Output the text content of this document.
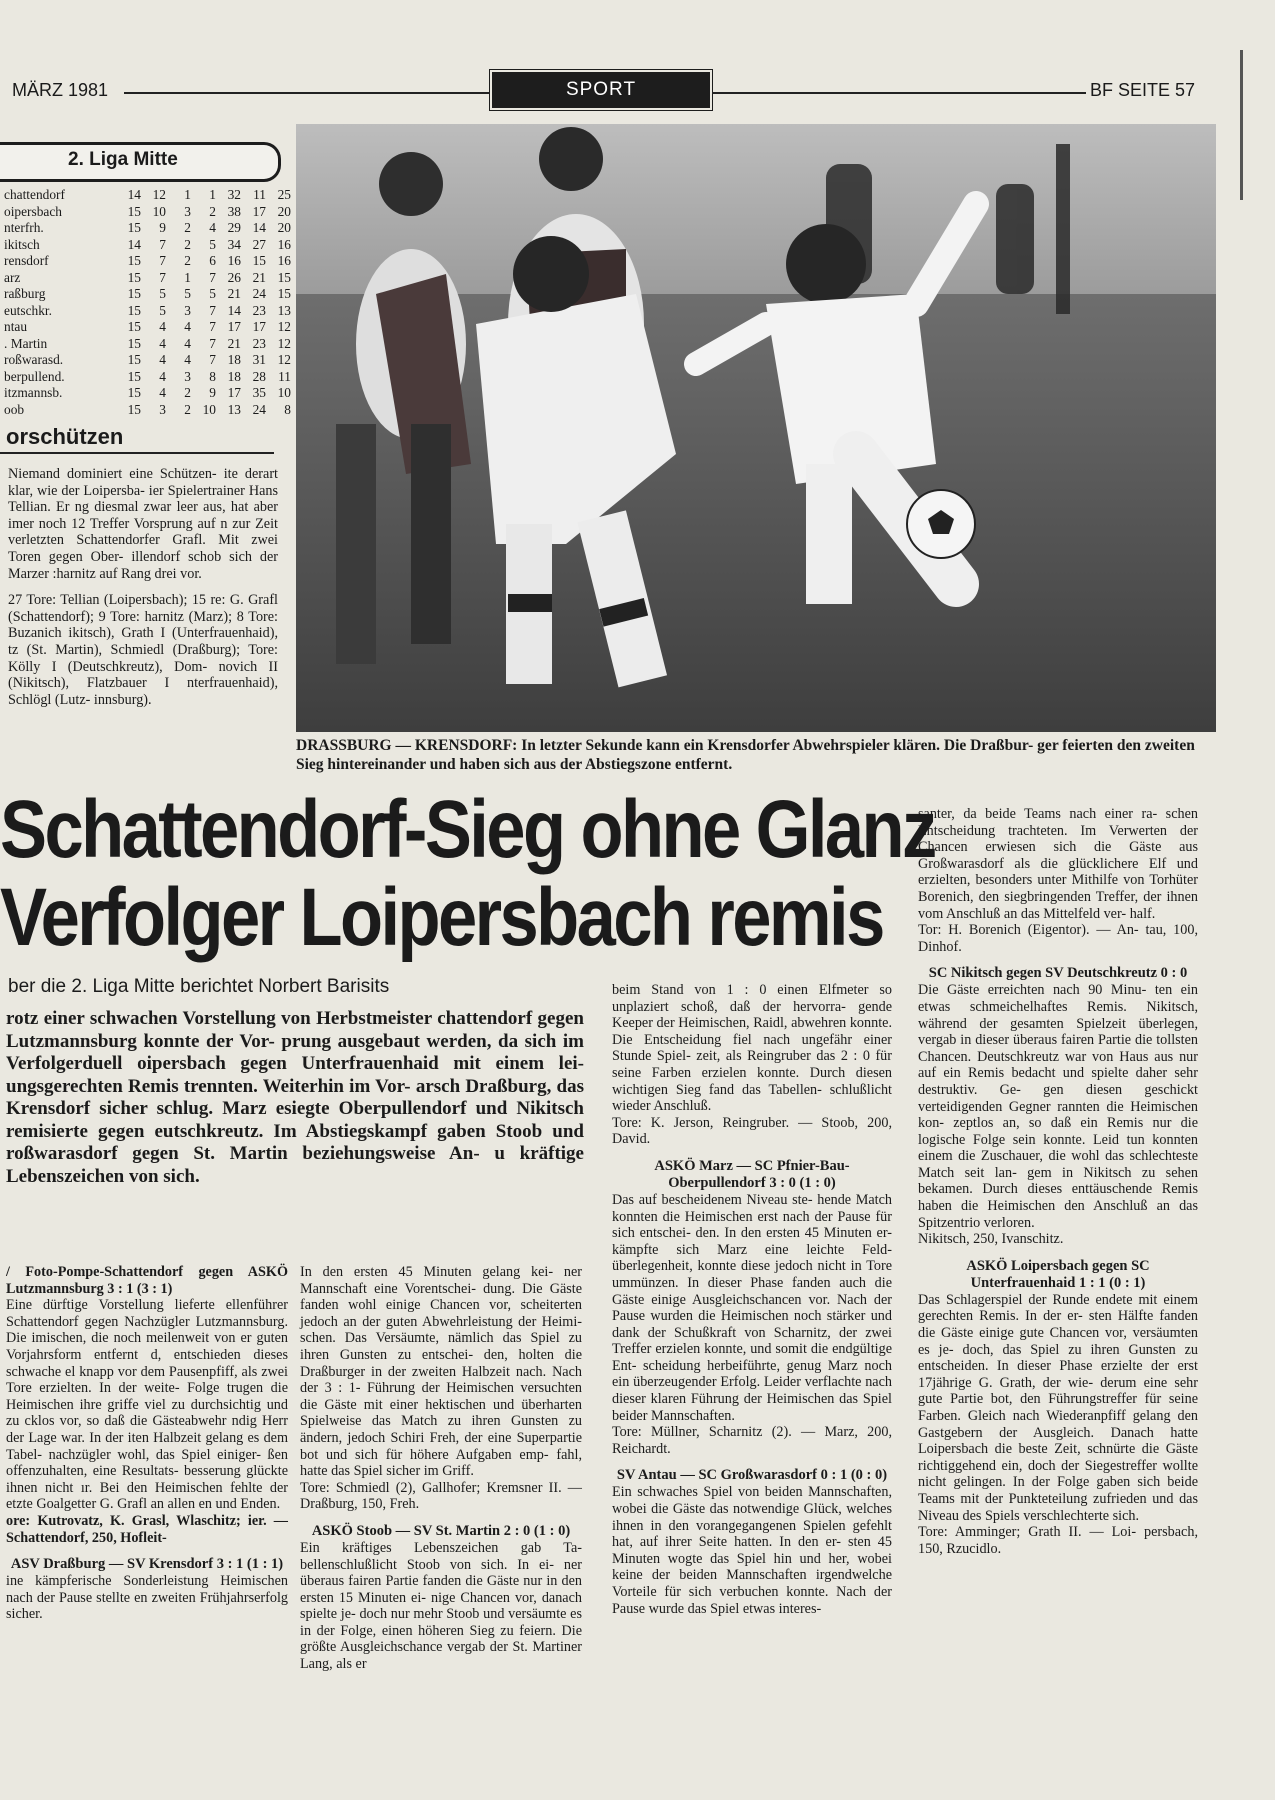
MÄRZ 1981	SPORT	BF SEITE 57
2. Liga Mitte
chattendorf	14	12	1	1	32	11	25
oipersbach	15	10	3	2	38	17	20
nterfrh.	15	9	2	4	29	14	20
ikitsch	14	7	2	5	34	27	16
rensdorf	15	7	2	6	16	15	16
arz	15	7	1	7	26	21	15
raßburg	15	5	5	5	21	24	15
eutschkr.	15	5	3	7	14	23	13
ntau	15	4	4	7	17	17	12
. Martin	15	4	4	7	21	23	12
roßwarasd.	15	4	4	7	18	31	12
berpullend.	15	4	3	8	18	28	11
itzmannsb.	15	4	2	9	17	35	10
oob	15	3	2	10	13	24	8
orschützen

Niemand dominiert eine Schützen- ite derart klar, wie der Loipersba- ier Spielertrainer Hans Tellian. Er ng diesmal zwar leer aus, hat aber imer noch 12 Treffer Vorsprung auf n zur Zeit verletzten Schattendorfer Grafl. Mit zwei Toren gegen Ober- illendorf schob sich der Marzer :harnitz auf Rang drei vor.

27 Tore: Tellian (Loipersbach); 15 re: G. Grafl (Schattendorf); 9 Tore: harnitz (Marz); 8 Tore: Buzanich ikitsch), Grath I (Unterfrauenhaid), tz (St. Martin), Schmiedl (Draßburg); Tore: Kölly I (Deutschkreutz), Dom- novich II (Nikitsch), Flatzbauer I nterfrauenhaid), Schlögl (Lutz- innsburg).

DRASSBURG — KRENSDORF: In letzter Sekunde kann ein Krensdorfer Abwehrspieler klären. Die Draßbur- ger feierten den zweiten Sieg hintereinander und haben sich aus der Abstiegszone entfernt.
Schattendorf-Sieg ohne Glanz
Verfolger Loipersbach remis
ber die 2. Liga Mitte berichtet Norbert Barisits

rotz einer schwachen Vorstellung von Herbstmeister chattendorf gegen Lutzmannsburg konnte der Vor- prung ausgebaut werden, da sich im Verfolgerduell oipersbach gegen Unterfrauenhaid mit einem lei- ungsgerechten Remis trennten. Weiterhin im Vor- arsch Draßburg, das Krensdorf sicher schlug. Marz esiegte Oberpullendorf und Nikitsch remisierte gegen eutschkreutz. Im Abstiegskampf gaben Stoob und roßwarasdorf gegen St. Martin beziehungsweise An- u kräftige Lebenszeichen von sich.

/ Foto-Pompe-Schattendorf gegen ASKÖ Lutzmannsburg 3 : 1 (3 : 1)

Eine dürftige Vorstellung lieferte ellenführer Schattendorf gegen Nachzügler Lutzmannsburg. Die imischen, die noch meilenweit von er guten Vorjahrsform entfernt d, entschieden dieses schwache el knapp vor dem Pausenpfiff, als zwei Tore erzielten. In der weite- Folge trugen die Heimischen ihre griffe viel zu durchsichtig und zu cklos vor, so daß die Gästeabwehr ndig Herr der Lage war. In der iten Halbzeit gelang es dem Tabel- nachzügler wohl, das Spiel einiger- ßen offenzuhalten, eine Resultats- besserung glückte ihnen nicht ır. Bei den Heimischen fehlte der etzte Goalgetter G. Grafl an allen en und Enden.

ore: Kutrovatz, K. Grasl, Wlaschitz; ier. — Schattendorf, 250, Hofleit-

ASV Draßburg — SV Krensdorf 3 : 1 (1 : 1)

ine kämpferische Sonderleistung Heimischen nach der Pause stellte en zweiten Frühjahrserfolg sicher.

In den ersten 45 Minuten gelang kei- ner Mannschaft eine Vorentschei- dung. Die Gäste fanden wohl einige Chancen vor, scheiterten jedoch an der guten Abwehrleistung der Heimi- schen. Das Versäumte, nämlich das Spiel zu ihren Gunsten zu entschei- den, holten die Draßburger in der zweiten Halbzeit nach. Nach der 3 : 1- Führung der Heimischen versuchten die Gäste mit einer hektischen und überharten Spielweise das Match zu ihren Gunsten zu ändern, jedoch Schiri Freh, der eine Superpartie bot und sich für höhere Aufgaben emp- fahl, hatte das Spiel sicher im Griff.

Tore: Schmiedl (2), Gallhofer; Kremsner II. — Draßburg, 150, Freh.

ASKÖ Stoob — SV St. Martin 2 : 0 (1 : 0)

Ein kräftiges Lebenszeichen gab Ta- bellenschlußlicht Stoob von sich. In ei- ner überaus fairen Partie fanden die Gäste nur in den ersten 15 Minuten ei- nige Chancen vor, danach spielte je- doch nur mehr Stoob und versäumte es in der Folge, einen höheren Sieg zu feiern. Die größte Ausgleichschance vergab der St. Martiner Lang, als er

beim Stand von 1 : 0 einen Elfmeter so unplaziert schoß, daß der hervorra- gende Keeper der Heimischen, Raidl, abwehren konnte. Die Entscheidung fiel nach ungefähr einer Stunde Spiel- zeit, als Reingruber das 2 : 0 für seine Farben erzielen konnte. Durch diesen wichtigen Sieg fand das Tabellen- schlußlicht wieder Anschluß.

Tore: K. Jerson, Reingruber. — Stoob, 200, David.

ASKÖ Marz — SC Pfnier-Bau- Oberpullendorf 3 : 0 (1 : 0)

Das auf bescheidenem Niveau ste- hende Match konnten die Heimischen erst nach der Pause für sich entschei- den. In den ersten 45 Minuten er- kämpfte sich Marz eine leichte Feld- überlegenheit, konnte diese jedoch nicht in Tore ummünzen. In dieser Phase fanden auch die Gäste einige Ausgleichschancen vor. Nach der Pause wurden die Heimischen noch stärker und dank der Schußkraft von Scharnitz, der zwei Treffer erzielen konnte, und somit die endgültige Ent- scheidung herbeiführte, genug Marz noch ein überzeugender Erfolg. Leider verflachte nach dieser klaren Führung der Heimischen das Spiel beider Mannschaften.

Tore: Müllner, Scharnitz (2). — Marz, 200, Reichardt.

SV Antau — SC Großwarasdorf 0 : 1 (0 : 0)

Ein schwaches Spiel von beiden Mannschaften, wobei die Gäste das notwendige Glück, welches ihnen in den vorangegangenen Spielen gefehlt hat, auf ihrer Seite hatten. In den er- sten 45 Minuten wogte das Spiel hin und her, wobei keine der beiden Mannschaften irgendwelche Vorteile für sich verbuchen konnte. Nach der Pause wurde das Spiel etwas interes-

santer, da beide Teams nach einer ra- schen Entscheidung trachteten. Im Verwerten der Chancen erwiesen sich die Gäste aus Großwarasdorf als die glücklichere Elf und erzielten, besonders unter Mithilfe von Torhüter Borenich, den siegbringenden Treffer, der ihnen vom Anschluß an das Mittelfeld ver- half.

Tor: H. Borenich (Eigentor). — An- tau, 100, Dinhof.

SC Nikitsch gegen SV Deutschkreutz 0 : 0

Die Gäste erreichten nach 90 Minu- ten ein etwas schmeichelhaftes Remis. Nikitsch, während der gesamten Spielzeit überlegen, vergab in dieser überaus fairen Partie die tollsten Chancen. Deutschkreutz war von Haus aus nur auf ein Remis bedacht und spielte daher sehr destruktiv. Ge- gen diesen geschickt verteidigenden Gegner rannten die Heimischen kon- zeptlos an, so daß ein Remis nur die logische Folge sein konnte. Leid tun konnten einem die Zuschauer, die wohl das schlechteste Match seit lan- gem in Nikitsch zu sehen bekamen. Durch dieses enttäuschende Remis haben die Heimischen den Anschluß an das Spitzentrio verloren.

Nikitsch, 250, Ivanschitz.

ASKÖ Loipersbach gegen SC Unterfrauenhaid 1 : 1 (0 : 1)

Das Schlagerspiel der Runde endete mit einem gerechten Remis. In der er- sten Hälfte fanden die Gäste einige gute Chancen vor, versäumten es je- doch, das Spiel zu ihren Gunsten zu entscheiden. In dieser Phase erzielte der erst 17jährige G. Grath, der wie- derum eine sehr gute Partie bot, den Führungstreffer für seine Farben. Gleich nach Wiederanpfiff gelang den Gastgebern der Ausgleich. Danach hatte Loipersbach die beste Zeit, schnürte die Gäste richtiggehend ein, doch der Siegestreffer wollte nicht gelingen. In der Folge gaben sich beide Teams mit der Punkteteilung zufrieden und das Niveau des Spiels verschlechterte sich.

Tore: Amminger; Grath II. — Loi- persbach, 150, Rzucidlo.
